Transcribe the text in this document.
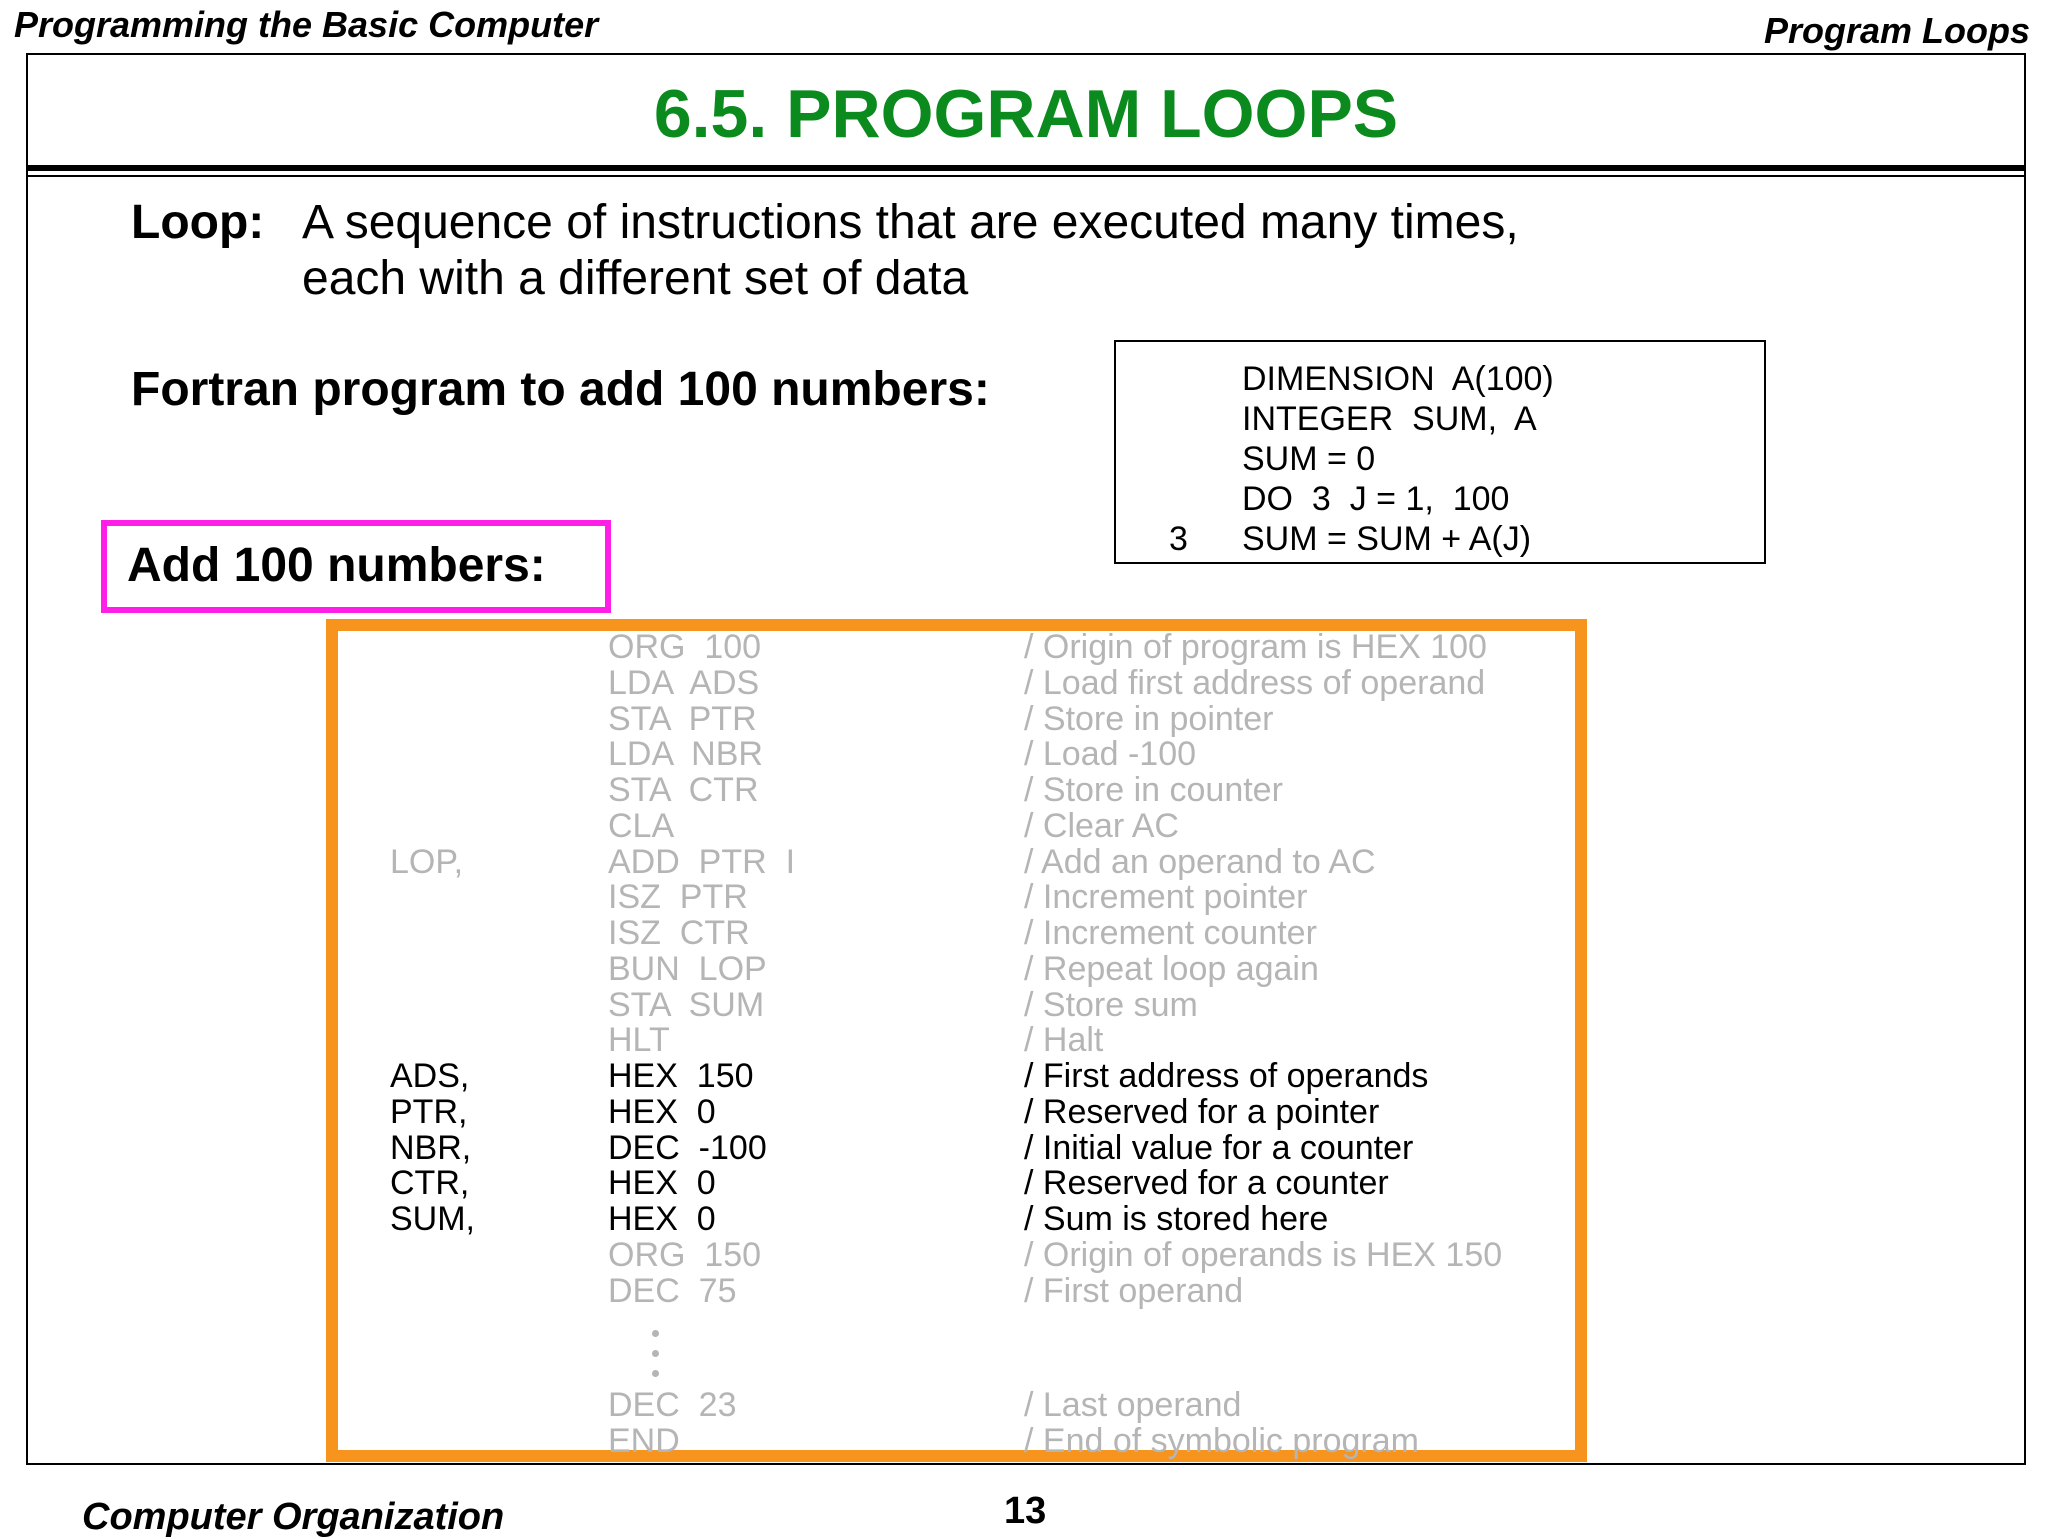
Programming the Basic Computer	Program Loops
6.5. PROGRAM LOOPS
Loop: A sequence of instructions that are executed many times,
each with a different set of data
Fortran program to add 100 numbers:	DIMENSION  A(100)
INTEGER  SUM,  A
SUM = 0
DO  3  J = 1,  100
3 SUM = SUM + A(J)
Add 100 numbers:
ORG  100	/ Origin of program is HEX 100
LDA  ADS	/ Load first address of operand
STA  PTR	/ Store in pointer
LDA  NBR	/ Load -100
STA  CTR	/ Store in counter
CLA	/ Clear AC
LOP,	ADD  PTR  I	/ Add an operand to AC
ISZ  PTR	/ Increment pointer
ISZ  CTR	/ Increment counter
BUN  LOP	/ Repeat loop again
STA  SUM	/ Store sum
HLT	/ Halt
ADS,	HEX  150	/ First address of operands
PTR,	HEX  0	/ Reserved for a pointer
NBR,	DEC  -100	/ Initial value for a counter
CTR,	HEX  0	/ Reserved for a counter
SUM,	HEX  0	/ Sum is stored here
ORG  150	/ Origin of operands is HEX 150
DEC  75	/ First operand
DEC  23	/ Last operand
END	/ End of symbolic program
Computer Organization	13
